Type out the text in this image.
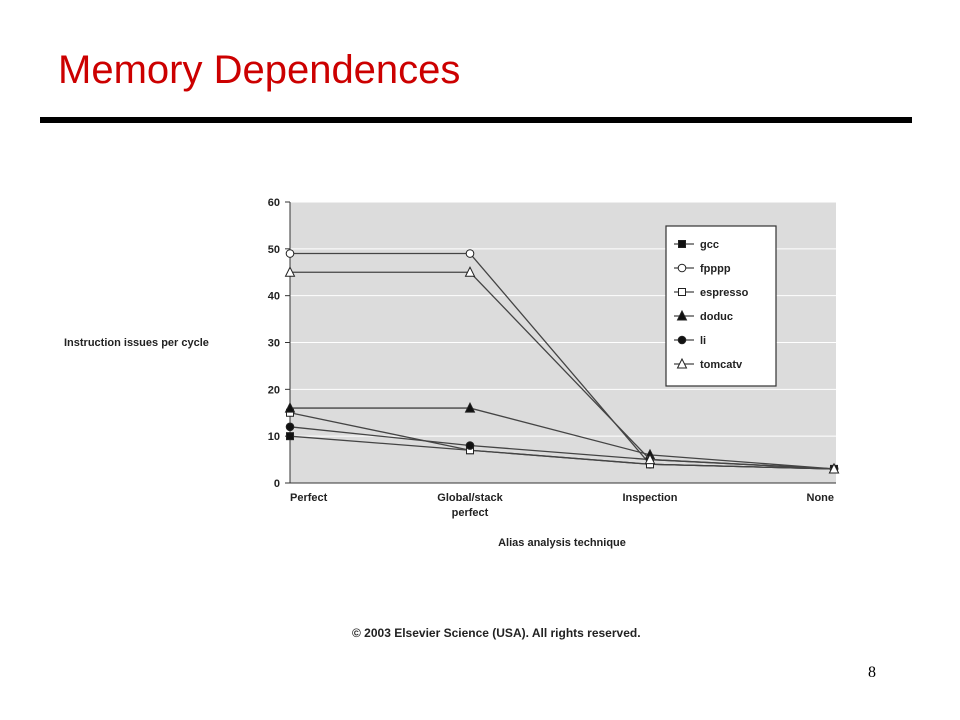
Memory Dependences
0
10
20
30
40
50
60
Perfect	Global/stack perfect
Inspection	None
gcc
fpppp
espresso
doduc
li
tomcatv
Instruction issues per cycle
Alias analysis technique
© 2003 Elsevier Science (USA). All rights reserved.
8
